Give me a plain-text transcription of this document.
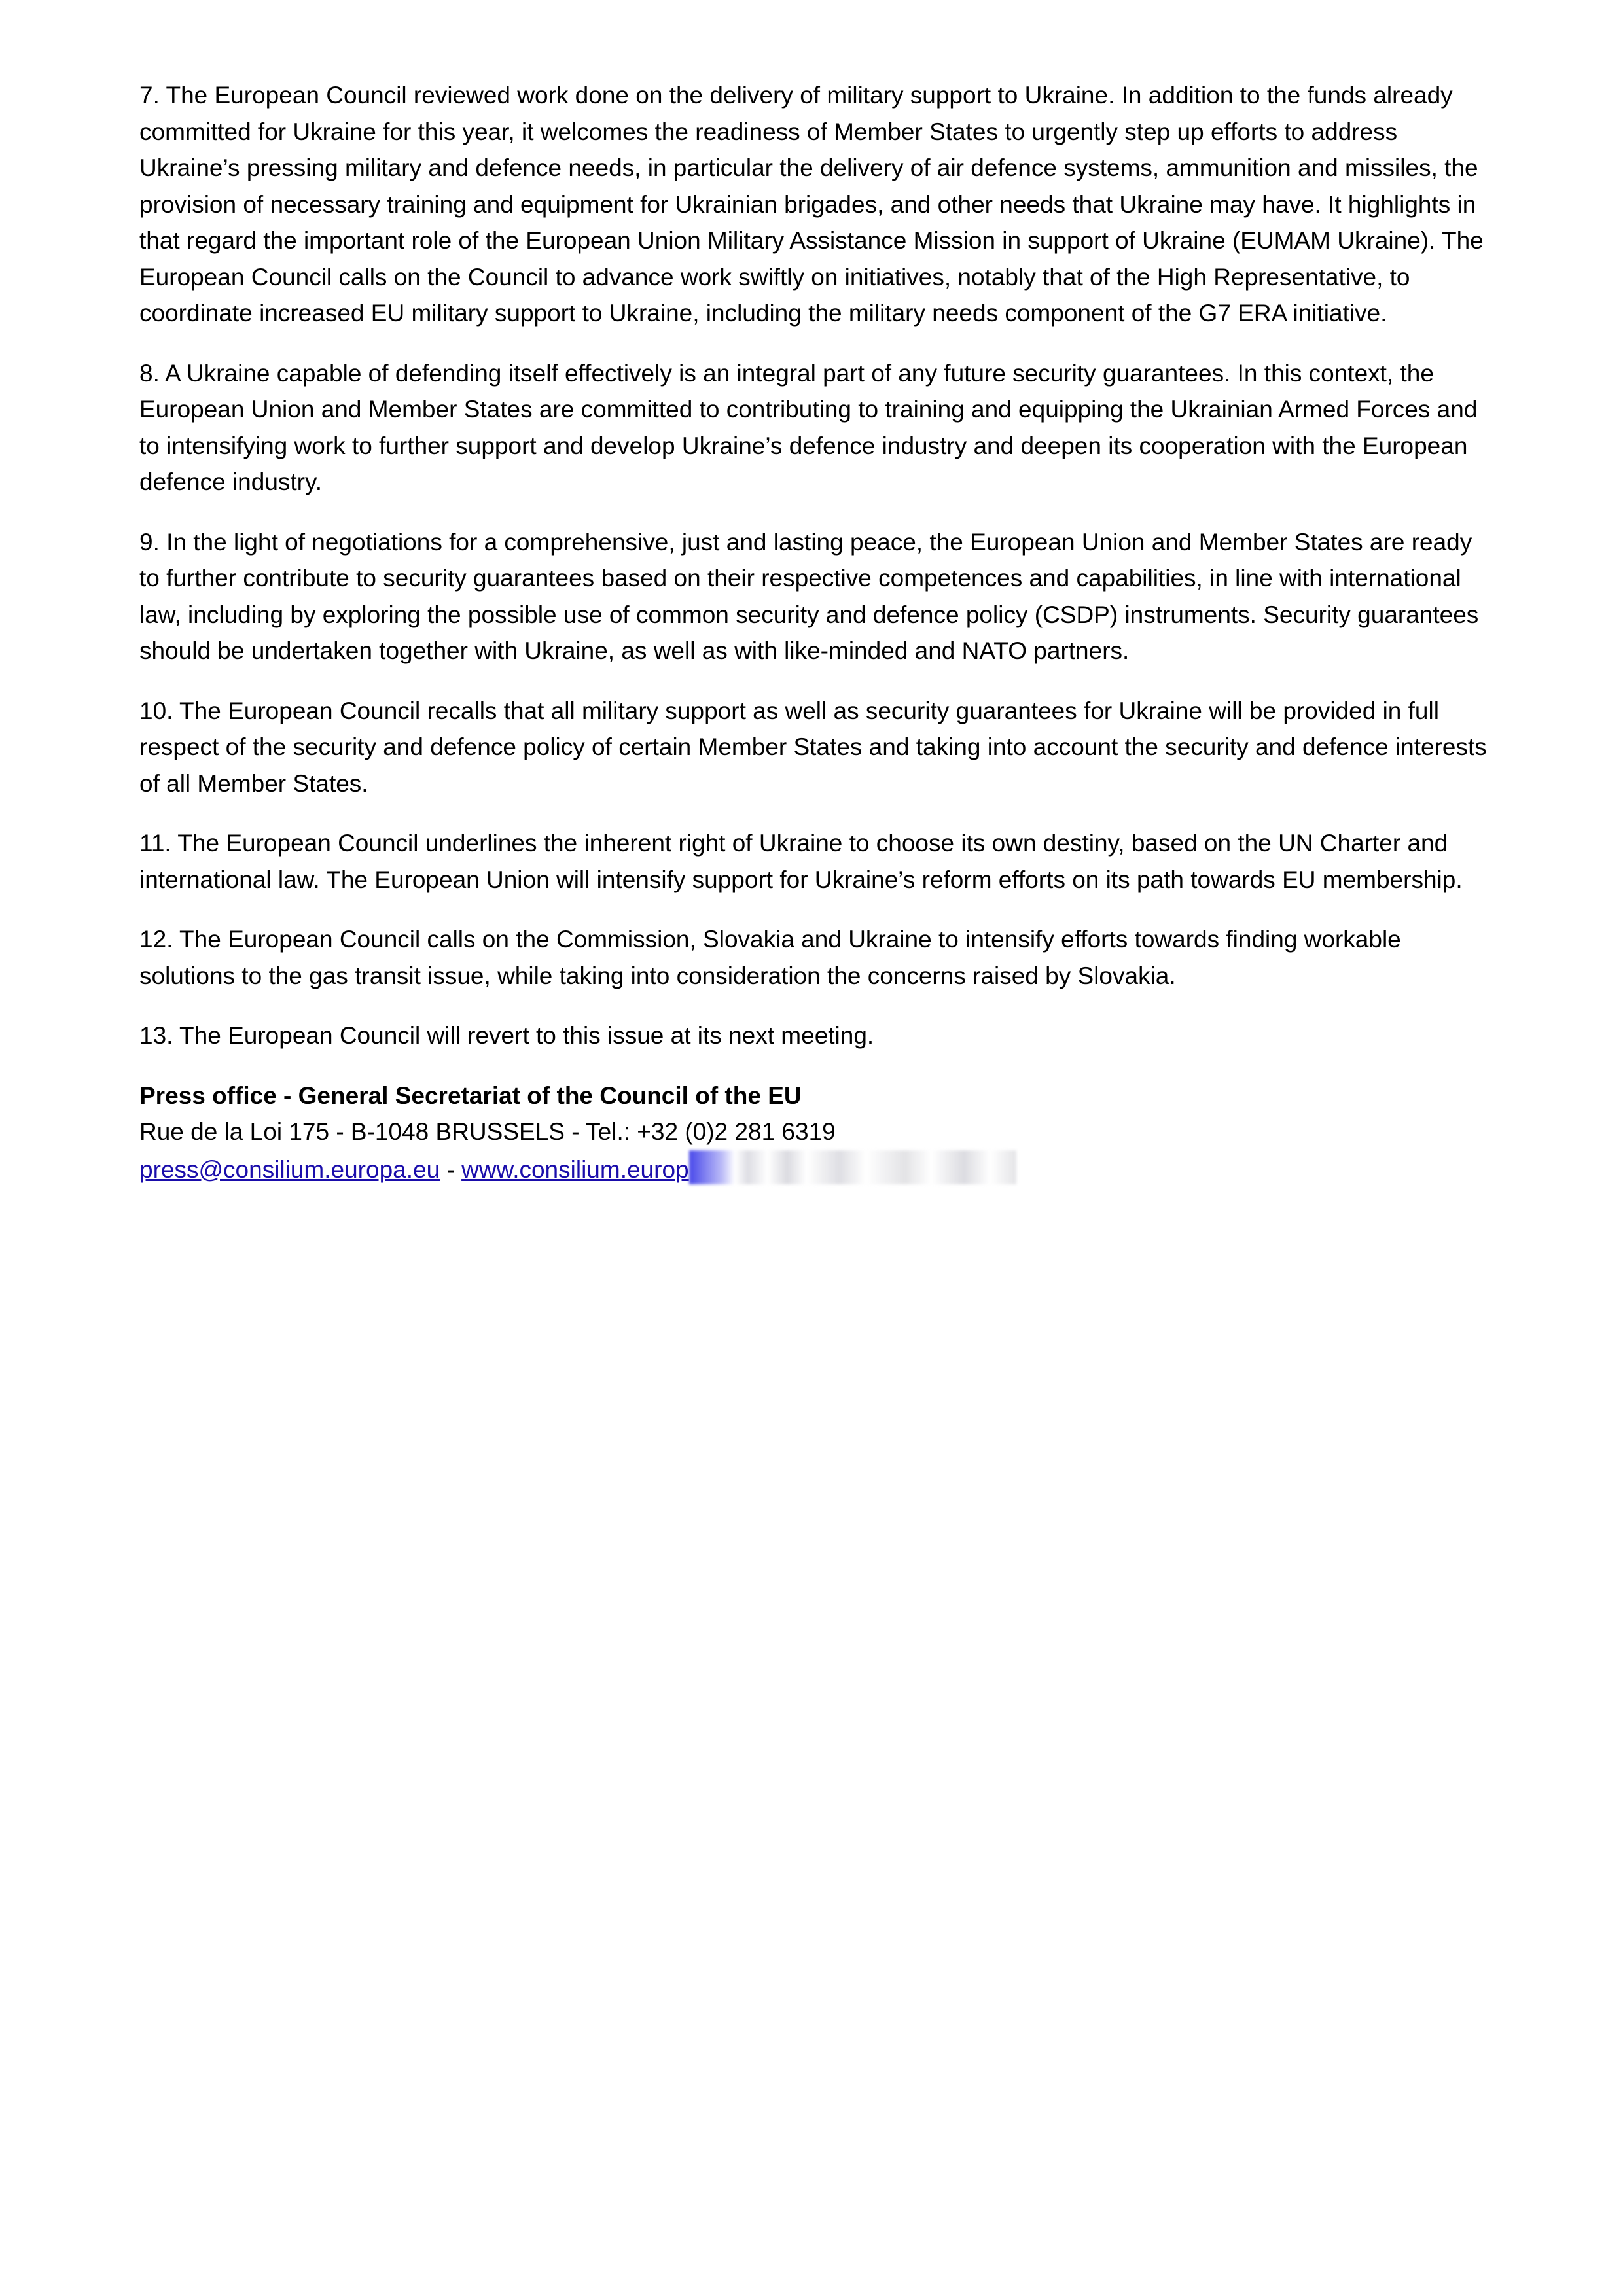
7. The European Council reviewed work done on the delivery of military support to Ukraine. In addition to the funds already committed for Ukraine for this year, it welcomes the readiness of Member States to urgently step up efforts to address Ukraine’s pressing military and defence needs, in particular the delivery of air defence systems, ammunition and missiles, the provision of necessary training and equipment for Ukrainian brigades, and other needs that Ukraine may have. It highlights in that regard the important role of the European Union Military Assistance Mission in support of Ukraine (EUMAM Ukraine). The European Council calls on the Council to advance work swiftly on initiatives, notably that of the High Representative, to coordinate increased EU military support to Ukraine, including the military needs component of the G7 ERA initiative.

8. A Ukraine capable of defending itself effectively is an integral part of any future security guarantees. In this context, the European Union and Member States are committed to contributing to training and equipping the Ukrainian Armed Forces and to intensifying work to further support and develop Ukraine’s defence industry and deepen its cooperation with the European defence industry.

9. In the light of negotiations for a comprehensive, just and lasting peace, the European Union and Member States are ready to further contribute to security guarantees based on their respective competences and capabilities, in line with international law, including by exploring the possible use of common security and defence policy (CSDP) instruments. Security guarantees should be undertaken together with Ukraine, as well as with like-minded and NATO partners.

10. The European Council recalls that all military support as well as security guarantees for Ukraine will be provided in full respect of the security and defence policy of certain Member States and taking into account the security and defence interests of all Member States.

11. The European Council underlines the inherent right of Ukraine to choose its own destiny, based on the UN Charter and international law. The European Union will intensify support for Ukraine’s reform efforts on its path towards EU membership.

12. The European Council calls on the Commission, Slovakia and Ukraine to intensify efforts towards finding workable solutions to the gas transit issue, while taking into consideration the concerns raised by Slovakia.

13. The European Council will revert to this issue at its next meeting.

Press office - General Secretariat of the Council of the EU
Rue de la Loi 175 - B-1048 BRUSSELS - Tel.: +32 (0)2 281 6319
press@consilium.europa.eu - www.consilium.europ
